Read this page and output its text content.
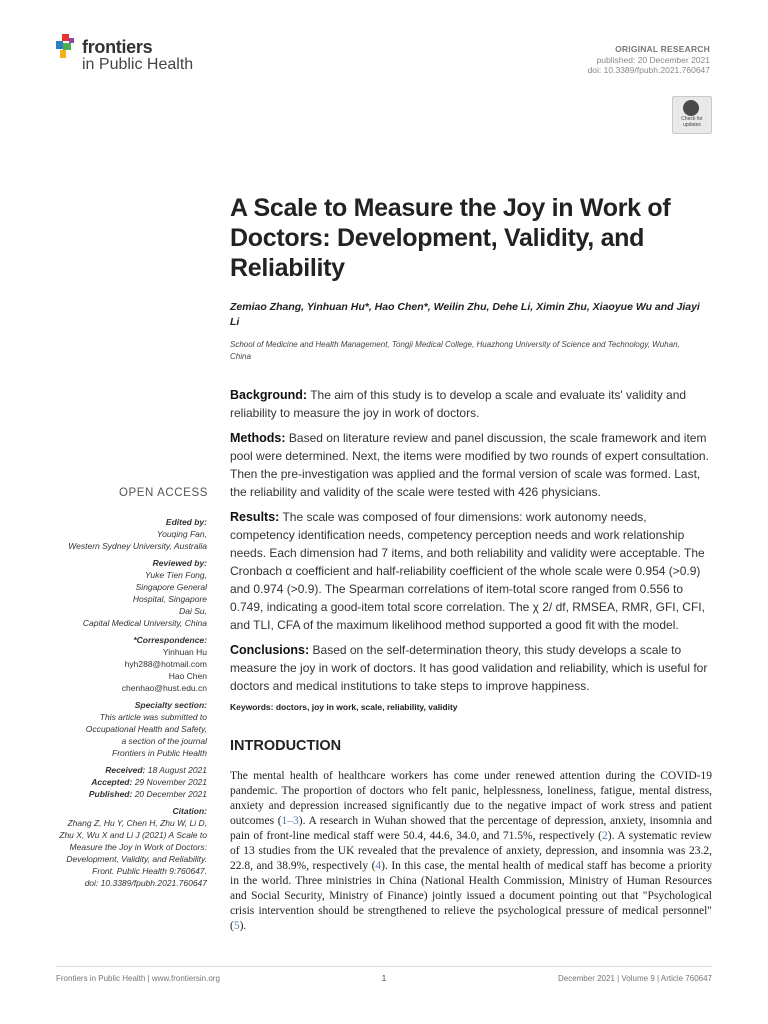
frontiers
in Public Health
ORIGINAL RESEARCH
published: 20 December 2021
doi: 10.3389/fpubh.2021.760647
Check for updates
A Scale to Measure the Joy in Work of Doctors: Development, Validity, and Reliability
Zemiao Zhang, Yinhuan Hu*, Hao Chen*, Weilin Zhu, Dehe Li, Ximin Zhu, Xiaoyue Wu and Jiayi Li
School of Medicine and Health Management, Tongji Medical College, Huazhong University of Science and Technology, Wuhan, China

Background: The aim of this study is to develop a scale and evaluate its' validity and reliability to measure the joy in work of doctors.

Methods: Based on literature review and panel discussion, the scale framework and item pool were determined. Next, the items were modified by two rounds of expert consultation. Then the pre-investigation was applied and the formal version of scale was formed. Last, the reliability and validity of the scale were tested with 426 physicians.

Results: The scale was composed of four dimensions: work autonomy needs, competency identification needs, competency perception needs and work relationship needs. Each dimension had 7 items, and both reliability and validity were acceptable. The Cronbach α coefficient and half-reliability coefficient of the whole scale were 0.954 (>0.9) and 0.974 (>0.9). The Spearman correlations of item-total score ranged from 0.556 to 0.749, indicating a good-item total score correlation. The χ 2/ df, RMSEA, RMR, GFI, CFI, and TLI, CFA of the maximum likelihood method supported a good fit with the model.

Conclusions: Based on the self-determination theory, this study develops a scale to measure the joy in work of doctors. It has good validation and reliability, which is useful for doctors and medical institutions to take steps to improve happiness.

Keywords: doctors, joy in work, scale, reliability, validity
INTRODUCTION
The mental health of healthcare workers has come under renewed attention during the COVID-19 pandemic. The proportion of doctors who felt panic, helplessness, loneliness, fatigue, mental distress, anxiety and depression increased significantly due to the negative impact of work stress and patient outcomes (1–3). A research in Wuhan showed that the percentage of depression, anxiety, insomnia and pain of front-line medical staff were 50.4, 44.6, 34.0, and 71.5%, respectively (2). A systematic review of 13 studies from the UK revealed that the prevalence of anxiety, depression, and insomnia was 23.2, 22.8, and 38.9%, respectively (4). In this case, the mental health of medical staff has become a priority in the world. Three ministries in China (National Health Commission, Ministry of Human Resources and Social Security, Ministry of Finance) jointly issued a document pointing out that "Psychological crisis intervention should be strengthened to relieve the psychological pressure of medical personnel" (5).
OPEN ACCESS
Edited by:
Youqing Fan,
Western Sydney University, Australia
Reviewed by:
Yuke Tien Fong,
Singapore General
Hospital, Singapore
Dai Su,
Capital Medical University, China
*Correspondence:
Yinhuan Hu
hyh288@hotmail.com
Hao Chen
chenhao@hust.edu.cn
Specialty section:
This article was submitted to
Occupational Health and Safety,
a section of the journal
Frontiers in Public Health
Received: 18 August 2021
Accepted: 29 November 2021
Published: 20 December 2021
Citation:
Zhang Z, Hu Y, Chen H, Zhu W, Li D,
Zhu X, Wu X and Li J (2021) A Scale to
Measure the Joy in Work of Doctors:
Development, Validity, and Reliability.
Front. Public Health 9:760647.
doi: 10.3389/fpubh.2021.760647
Frontiers in Public Health | www.frontiersin.org	1	December 2021 | Volume 9 | Article 760647
